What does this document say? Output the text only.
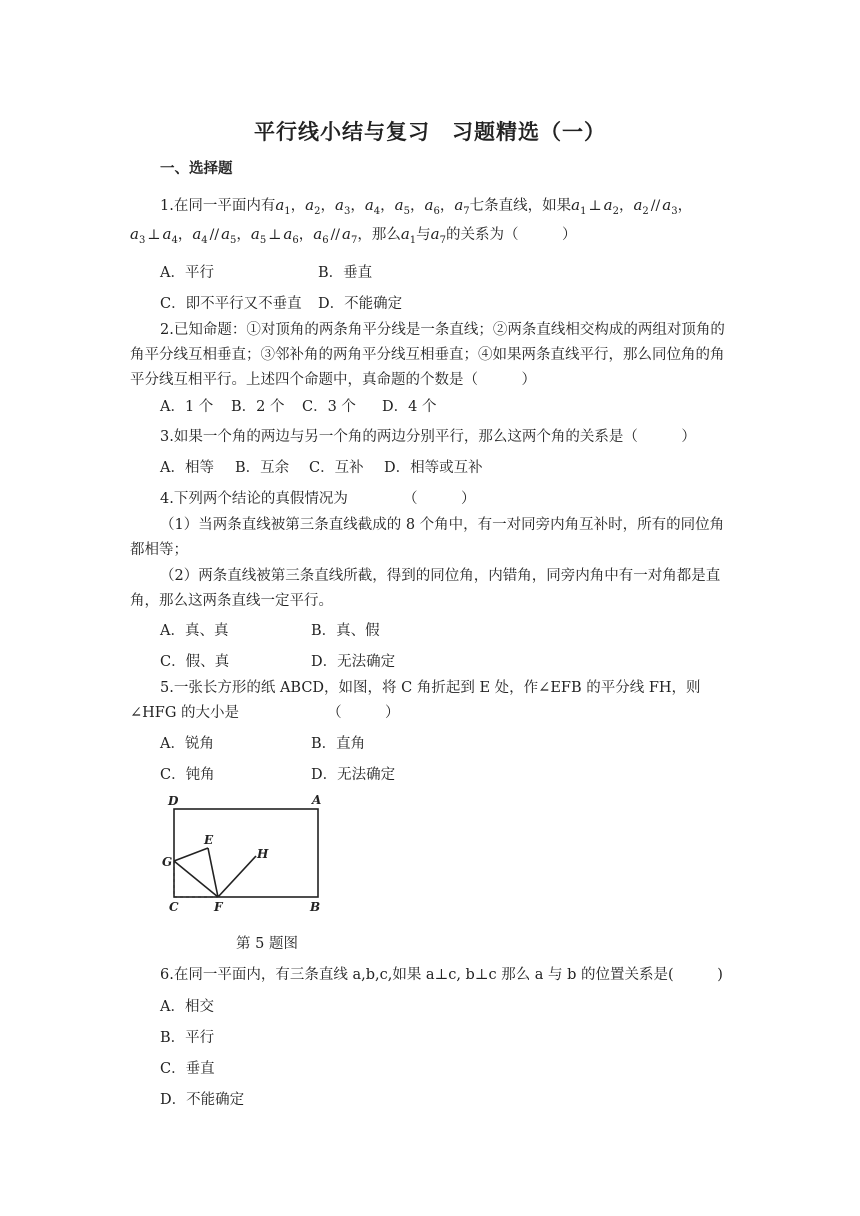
平行线小结与复习　习题精选（一）
一、选择题
1.在同一平面内有$a_1$，$a_2$，$a_3$，$a_4$，$a_5$，$a_6$，$a_7$七条直线，如果$a_1$ ⊥ $a_2$，$a_2 // a_3$，
$a_3$ ⊥ $a_4$，$a_4 // a_5$，$a_5$ ⊥ $a_6$，$a_6 // a_7$，那么$a_1$与$a_7$的关系为（　　　）
A．平行	B．垂直
C．即不平行又不垂直 D．不能确定
2.已知命题：①对顶角的两条角平分线是一条直线；②两条直线相交构成的两组对顶角的角平分线互相垂直；③邻补角的两角平分线互相垂直；④如果两条直线平行，那么同位角的角平分线互相平行。上述四个命题中，真命题的个数是（　　　）
A．1 个 B．2 个 C．3 个 D．4 个
3.如果一个角的两边与另一个角的两边分别平行，那么这两个角的关系是（　　　）
A．相等 B．互余 C．互补 D．相等或互补
4.下列两个结论的真假情况为	（　　　）
（1）当两条直线被第三条直线截成的 8 个角中，有一对同旁内角互补时，所有的同位角都相等；
（2）两条直线被第三条直线所截，得到的同位角，内错角，同旁内角中有一对角都是直角，那么这两条直线一定平行。
A．真、真	B．真、假
C．假、真	D．无法确定
5.一张长方形的纸 ABCD，如图，将 C 角折起到 E 处，作∠EFB 的平分线 FH，则∠HFG 的大小是	（　　　）
A．锐角	B．直角
C．钝角	D．无法确定
D	A
E
H
G
C	F	B
第 5 题图
6.在同一平面内，有三条直线 a,b,c,如果 a⊥c, b⊥c 那么 a 与 b 的位置关系是(　　　)
A．相交
B．平行
C．垂直
D．不能确定
